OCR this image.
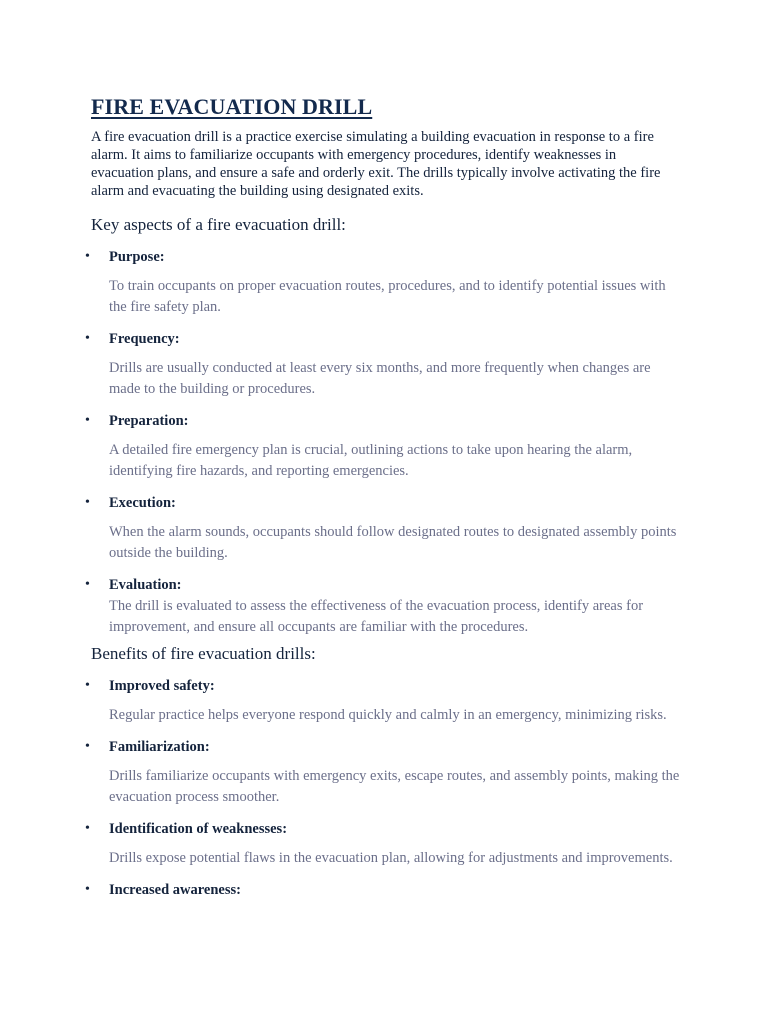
FIRE EVACUATION DRILL

A fire evacuation drill is a practice exercise simulating a building evacuation in response to a fire alarm. It aims to familiarize occupants with emergency procedures, identify weaknesses in evacuation plans, and ensure a safe and orderly exit. The drills typically involve activating the fire alarm and evacuating the building using designated exits.

Key aspects of a fire evacuation drill:
• Purpose:
To train occupants on proper evacuation routes, procedures, and to identify potential issues with the fire safety plan.
• Frequency:
Drills are usually conducted at least every six months, and more frequently when changes are made to the building or procedures.
• Preparation:
A detailed fire emergency plan is crucial, outlining actions to take upon hearing the alarm, identifying fire hazards, and reporting emergencies.
• Execution:
When the alarm sounds, occupants should follow designated routes to designated assembly points outside the building.
• Evaluation:
The drill is evaluated to assess the effectiveness of the evacuation process, identify areas for improvement, and ensure all occupants are familiar with the procedures.
Benefits of fire evacuation drills:
• Improved safety:
Regular practice helps everyone respond quickly and calmly in an emergency, minimizing risks.
• Familiarization:
Drills familiarize occupants with emergency exits, escape routes, and assembly points, making the evacuation process smoother.
• Identification of weaknesses:
Drills expose potential flaws in the evacuation plan, allowing for adjustments and improvements.
• Increased awareness:
